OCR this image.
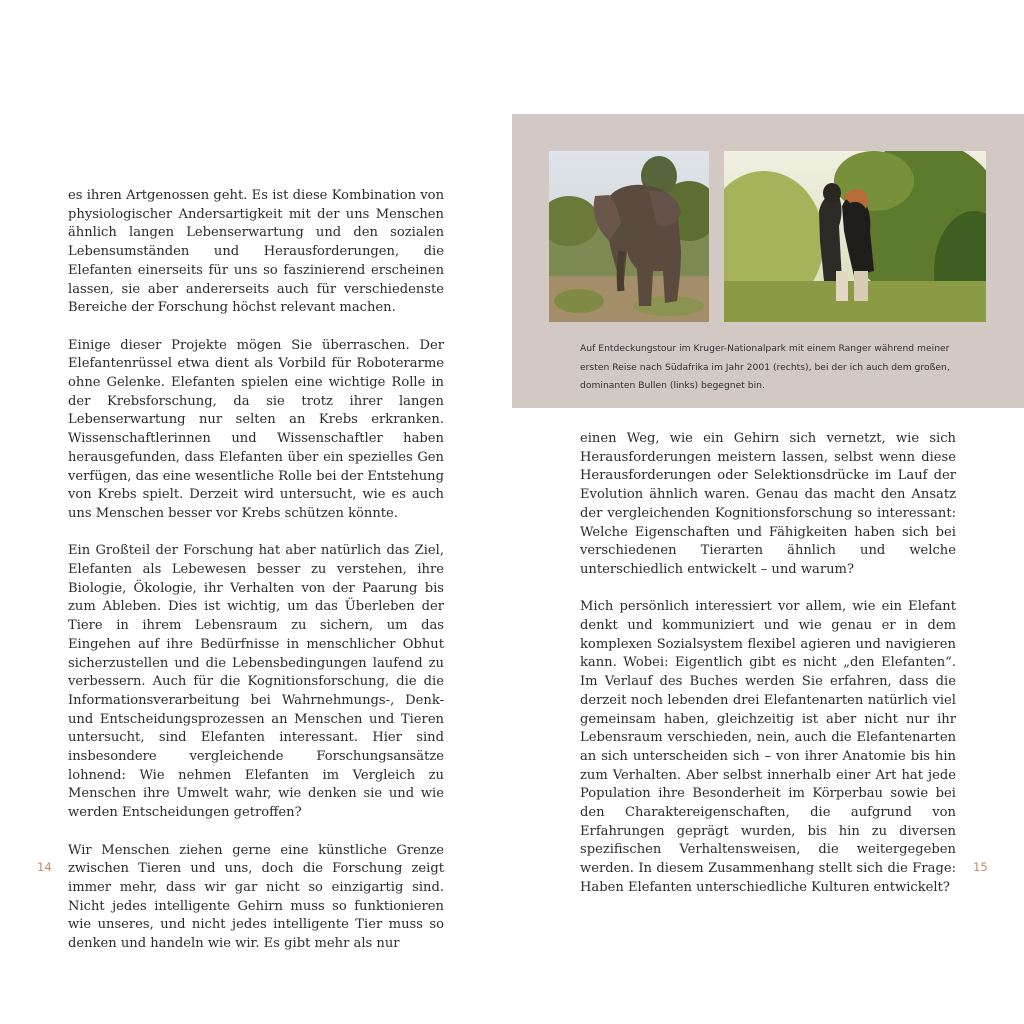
es ihren Artgenossen geht. Es ist diese Kombination von physiologischer Andersartigkeit mit der uns Menschen ähnlich langen Lebenserwartung und den sozialen Lebensumständen und Herausforderungen, die Elefanten einerseits für uns so faszinierend erscheinen lassen, sie aber andererseits auch für verschiedenste Bereiche der Forschung höchst relevant machen.

Einige dieser Projekte mögen Sie überraschen. Der Elefantenrüssel etwa dient als Vorbild für Roboterarme ohne Gelenke. Elefanten spielen eine wichtige Rolle in der Krebsforschung, da sie trotz ihrer langen Lebenserwartung nur selten an Krebs erkranken. Wissenschaftlerinnen und Wissenschaftler haben herausgefunden, dass Elefanten über ein spezielles Gen verfügen, das eine wesentliche Rolle bei der Entstehung von Krebs spielt. Derzeit wird untersucht, wie es auch uns Menschen besser vor Krebs schützen könnte.

Ein Großteil der Forschung hat aber natürlich das Ziel, Elefanten als Lebewesen besser zu verstehen, ihre Biologie, Ökologie, ihr Verhalten von der Paarung bis zum Ableben. Dies ist wichtig, um das Überleben der Tiere in ihrem Lebensraum zu sichern, um das Eingehen auf ihre Bedürfnisse in menschlicher Obhut sicherzustellen und die Lebensbedingungen laufend zu verbessern. Auch für die Kognitionsforschung, die die Informationsverarbeitung bei Wahrnehmungs-, Denk- und Entscheidungsprozessen an Menschen und Tieren untersucht, sind Elefanten interessant. Hier sind insbesondere vergleichende Forschungsansätze lohnend: Wie nehmen Elefanten im Vergleich zu Menschen ihre Umwelt wahr, wie denken sie und wie werden Entscheidungen getroffen?

Wir Menschen ziehen gerne eine künstliche Grenze zwischen Tieren und uns, doch die Forschung zeigt immer mehr, dass wir gar nicht so einzigartig sind. Nicht jedes intelligente Gehirn muss so funktionieren wie unseres, und nicht jedes intelligente Tier muss so denken und handeln wie wir. Es gibt mehr als nur

Auf Entdeckungstour im Kruger-Nationalpark mit einem Ranger während meiner ersten Reise nach Südafrika im Jahr 2001 (rechts), bei der ich auch dem großen, dominanten Bullen (links) begegnet bin.

einen Weg, wie ein Gehirn sich vernetzt, wie sich Herausforderungen meistern lassen, selbst wenn diese Herausforderungen oder Selektionsdrücke im Lauf der Evolution ähnlich waren. Genau das macht den Ansatz der vergleichenden Kognitionsforschung so interessant: Welche Eigenschaften und Fähigkeiten haben sich bei verschiedenen Tierarten ähnlich und welche unterschiedlich entwickelt – und warum?

Mich persönlich interessiert vor allem, wie ein Elefant denkt und kommuniziert und wie genau er in dem komplexen Sozialsystem flexibel agieren und navigieren kann. Wobei: Eigentlich gibt es nicht „den Elefanten“. Im Verlauf des Buches werden Sie erfahren, dass die derzeit noch lebenden drei Elefantenarten natürlich viel gemeinsam haben, gleichzeitig ist aber nicht nur ihr Lebensraum verschieden, nein, auch die Elefantenarten an sich unterscheiden sich – von ihrer Anatomie bis hin zum Verhalten. Aber selbst innerhalb einer Art hat jede Population ihre Besonderheit im Körperbau sowie bei den Charaktereigenschaften, die aufgrund von Erfahrungen geprägt wurden, bis hin zu diversen spezifischen Verhaltensweisen, die weitergegeben werden. In diesem Zusammenhang stellt sich die Frage: Haben Elefanten unterschiedliche Kulturen entwickelt?

14	15
